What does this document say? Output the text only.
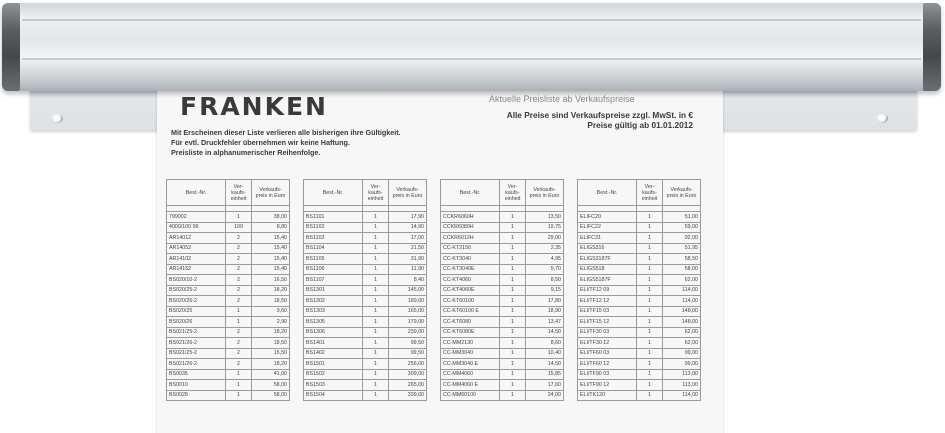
FRANKEN	Aktuelle Preisliste ab Verkaufspreise
Alle Preise sind Verkaufspreise zzgl. MwSt. in €
Preise gültig ab 01.01.2012
Mit Erscheinen dieser Liste verlieren alle bisherigen ihre Gültigkeit.
Für evtl. Druckfehler übernehmen wir keine Haftung.
Preisliste in alphanumerischer Reihenfolge.
Best.-Nr.	Ver-kaufs-einheit	Verkaufs-preis in Euro

799002	1	38,00
4000/100 99	100	8,80
AR14012	2	15,40
AR14052	2	15,40
AR14102	2	15,40
AR14152	2	15,40
BS020/10-2	2	16,50
BS020/25-2	2	18,20
BS020/26-2	2	18,50
BS020/25	1	9,60
BS020/26	1	2,90
BS021/25-2	2	18,20
BS021/26-2	2	18,50
BS021/25-2	2	15,50
BS021/26-2	2	18,20
BS0035	1	41,00
BS0010	1	58,00
BS0028	1	58,00
Best.-Nr.	Ver-kaufs-einheit	Verkaufs-preis in Euro

BS1101	1	17,90
BS1102	1	14,90
BS1103	1	17,00
BS1104	1	21,50
BS1105	1	31,90
BS1106	1	11,90
BS1107	1	8,40
BS1301	1	145,00
BS1302	1	189,00
BS1303	1	165,00
BS1305	1	179,00
BS1306	1	239,00
BS1401	1	99,50
BS1402	1	99,50
BS1501	1	256,00
BS1502	1	309,00
BS1503	1	265,00
BS1504	1	339,00
Best.-Nr.	Ver-kaufs-einheit	Verkaufs-preis in Euro

CCKR6060H	1	13,50
CCKR6080H	1	19,75
CCKR6012H	1	29,00
CC-KT2150	1	2,35
CC-KT3040	1	4,95
CC-KT3040E	1	5,70
CC-KT4060	1	8,50
CC-KT4060E	1	9,15
CC-KT60100	1	17,80
CC-KT60100 E	1	18,90
CC-KT6080	1	13,47
CC-KT6080E	1	14,50
CC-MM2130	1	8,60
CC-MM3040	1	10,40
CC-MM3040 E	1	14,50
CC-MM4060	1	15,85
CC-MM4060 E	1	17,60
CC-MM60100	1	24,00
Best.-Nr.	Ver-kaufs-einheit	Verkaufs-preis in Euro

ELIFC20	1	51,00
ELIFC22	1	59,00
ELIFC31	1	92,00
ELIGS316	1	51,95
ELIGS3187F	1	58,50
ELIGS518	1	58,00
ELIGS5187F	1	62,00
ELI/TF12 09	1	114,00
ELI/TF12 12	1	114,00
ELI/TF15 03	1	148,00
ELI/TF15 12	1	148,00
ELI/TF30 03	1	62,00
ELI/TF30 12	1	62,00
ELI/TF60 03	1	99,00
ELI/TF60 12	1	99,00
ELI/TF90 03	1	113,00
ELI/TF90 12	1	113,00
ELI/TK120	1	114,00
